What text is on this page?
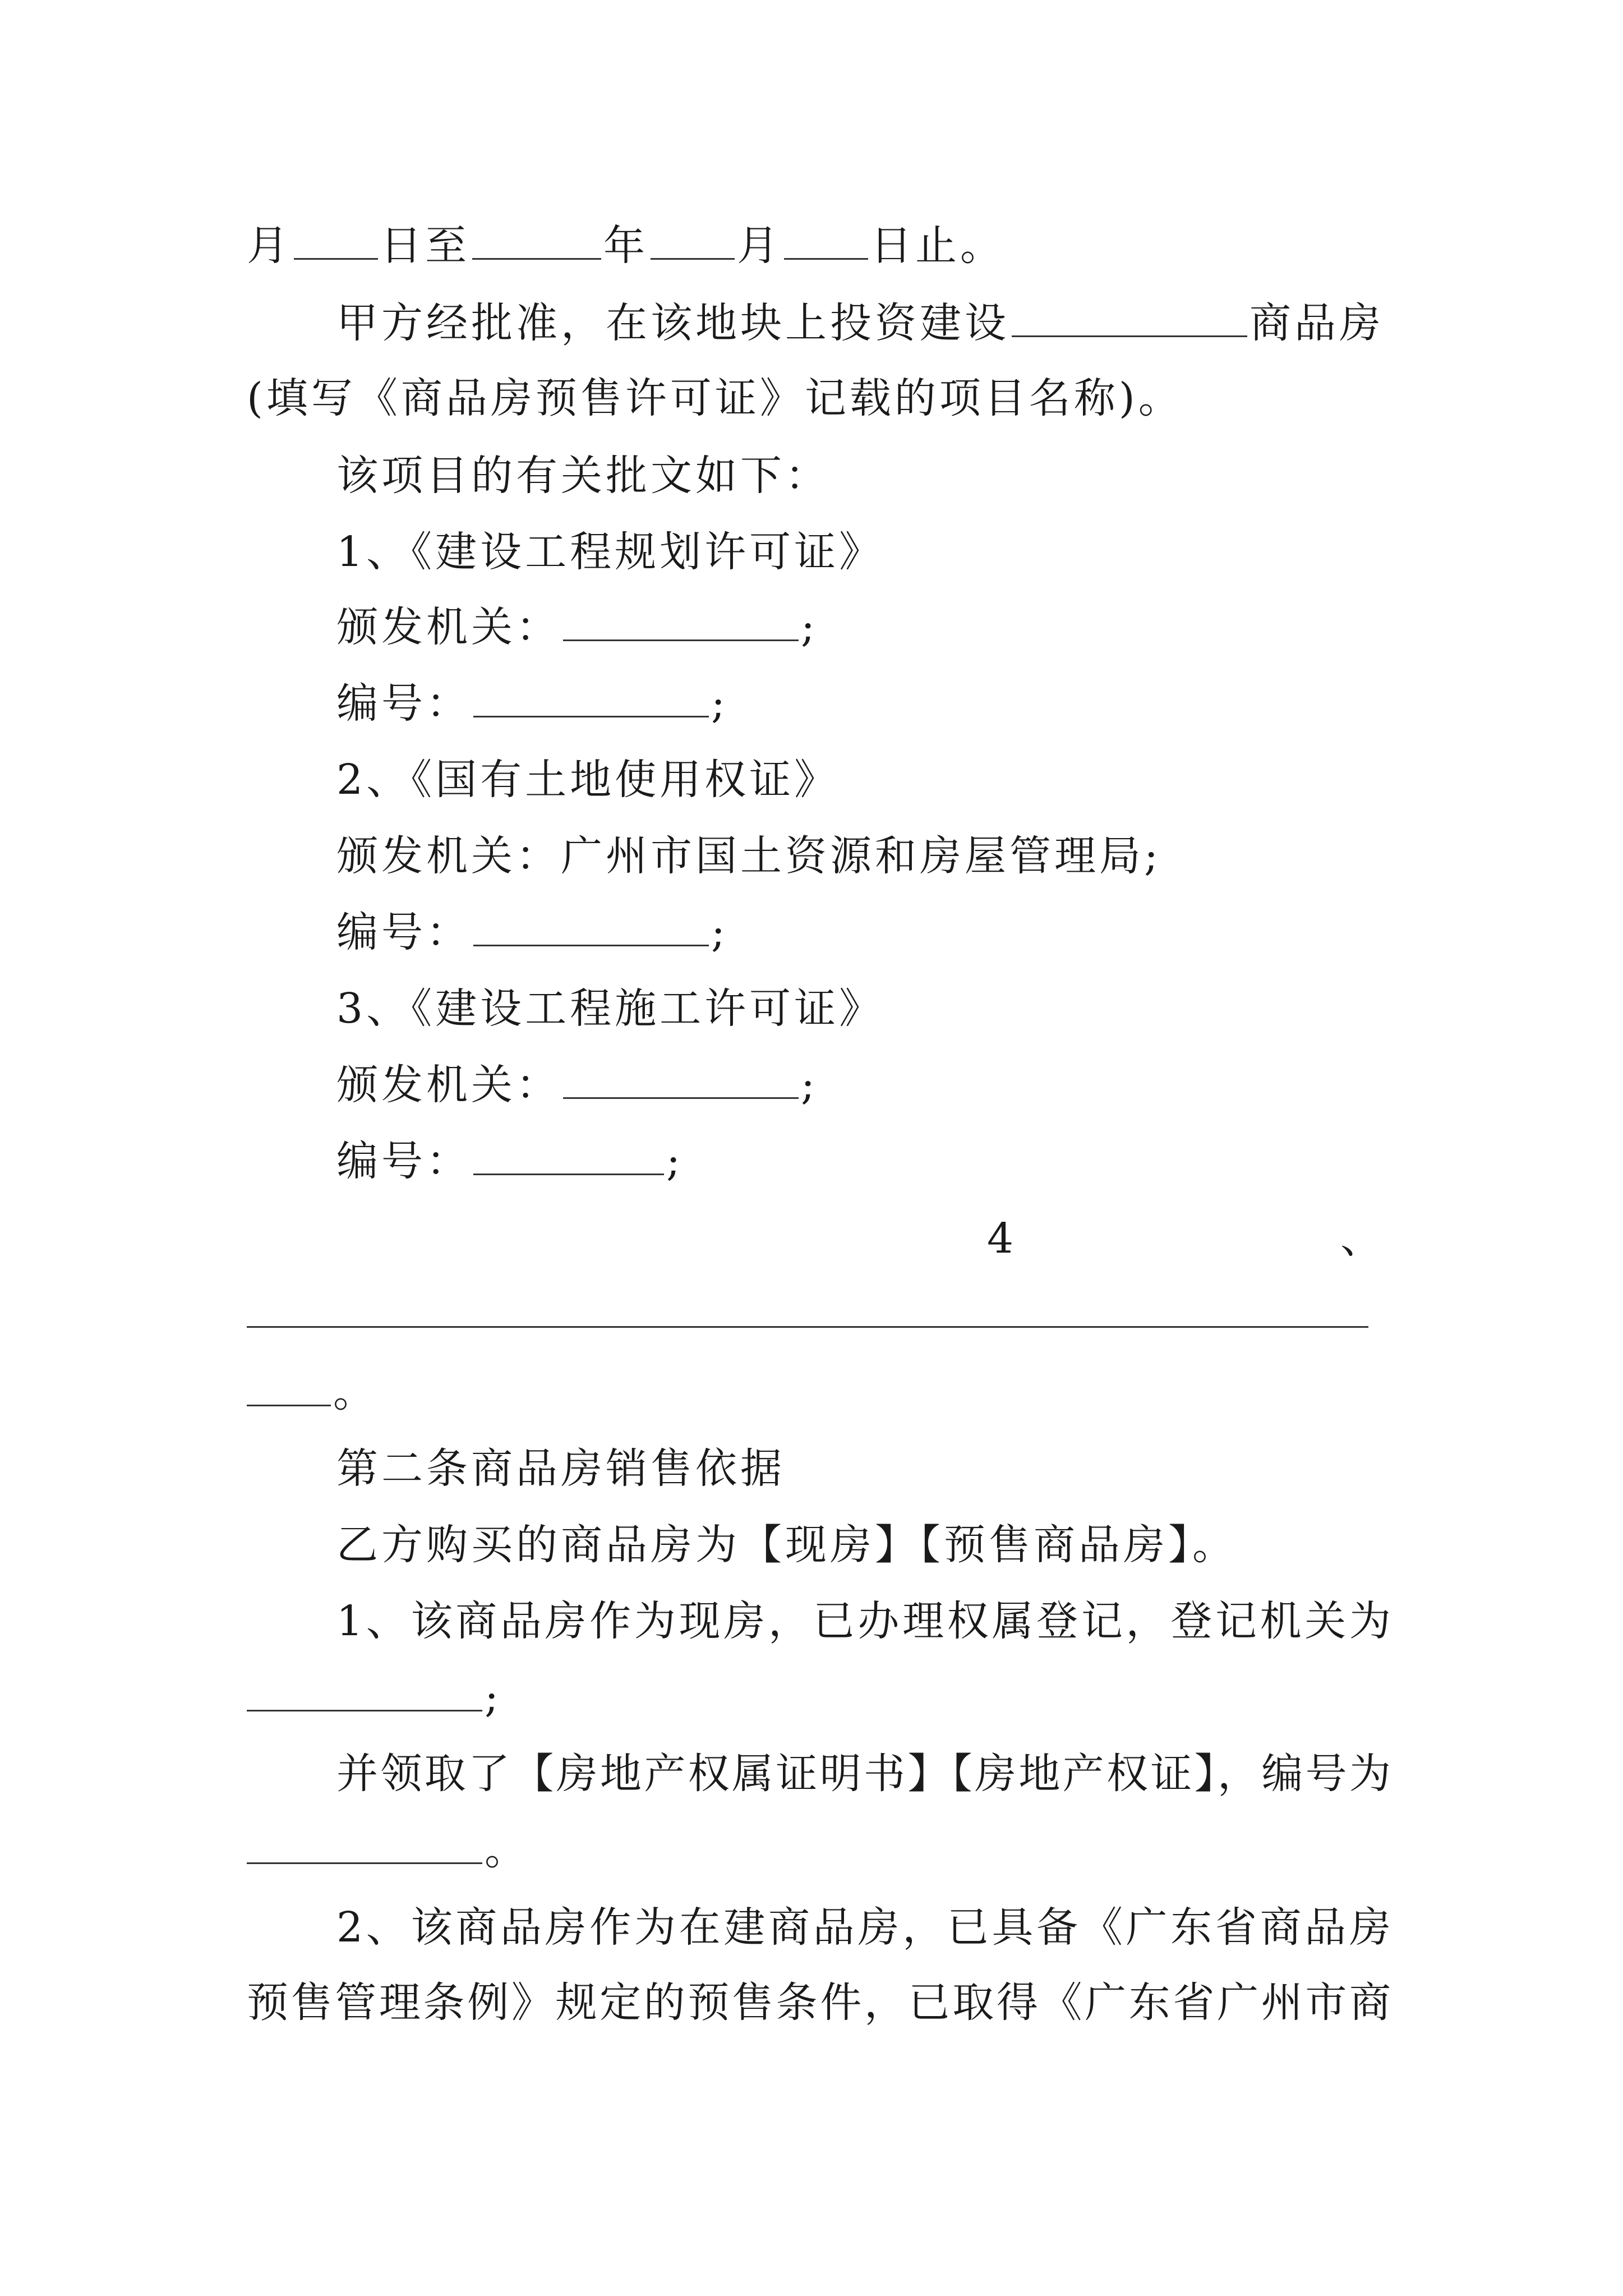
月 日至	年 月 日止。
甲方经批准，在该地块上投资建设	商品房
(填写《商品房预售许可证》记载的项目名称)。
该项目的有关批文如下：
1、《建设工程规划许可证》
颁发机关：	;
编号：	;
2、《国有土地使用权证》
颁发机关：广州市国土资源和房屋管理局;
编号：	;
3、《建设工程施工许可证》
颁发机关：	;
编号：	;
4	、
。
第二条商品房销售依据
乙方购买的商品房为【现房】【预售商品房】。
1、该商品房作为现房，已办理权属登记，登记机关为
;
并领取了【房地产权属证明书】【房地产权证】，编号为
。
2、该商品房作为在建商品房，已具备《广东省商品房
预售管理条例》规定的预售条件，已取得《广东省广州市商
